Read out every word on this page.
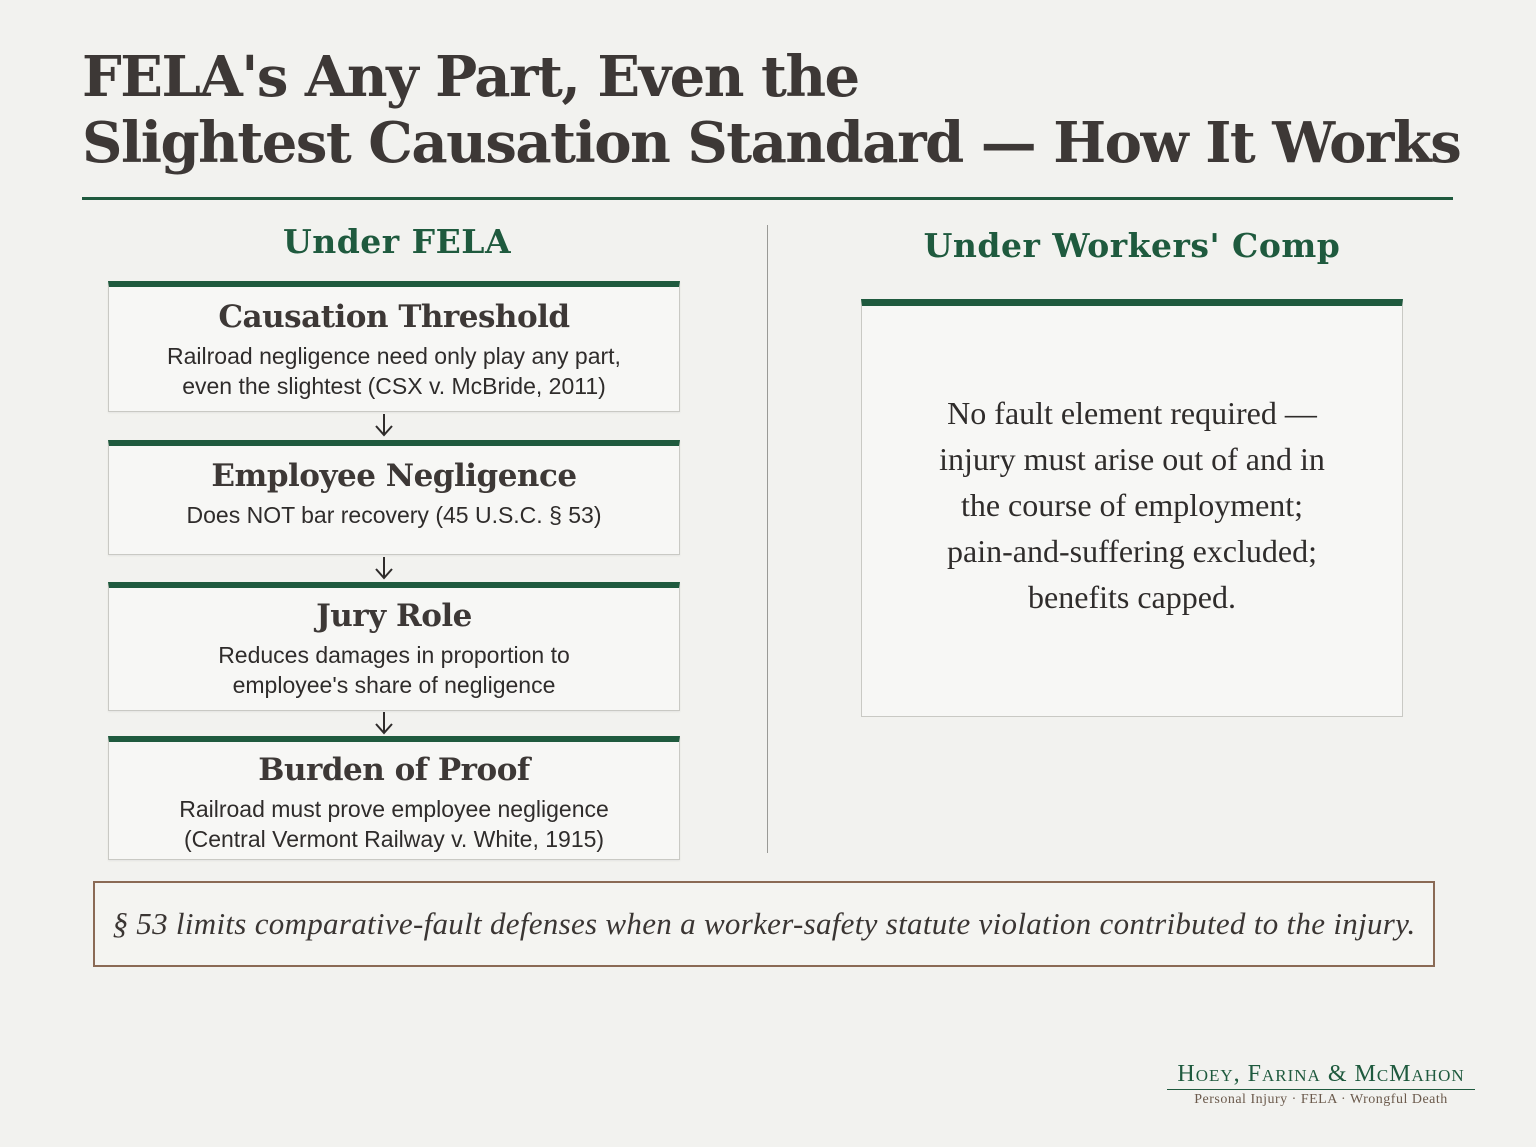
FELA's Any Part, Even the
Slightest Causation Standard — How It Works
Under FELA	Under Workers' Comp
Causation Threshold
Railroad negligence need only play any part,
even the slightest (CSX v. McBride, 2011)
Employee Negligence
Does NOT bar recovery (45 U.S.C. § 53)
Jury Role
Reduces damages in proportion to
employee's share of negligence
Burden of Proof
Railroad must prove employee negligence
(Central Vermont Railway v. White, 1915)
No fault element required —
injury must arise out of and in
the course of employment;
pain-and-suffering excluded;
benefits capped.
§ 53 limits comparative-fault defenses when a worker-safety statute violation contributed to the injury.
Hoey, Farina & McMahon
Personal Injury · FELA · Wrongful Death
